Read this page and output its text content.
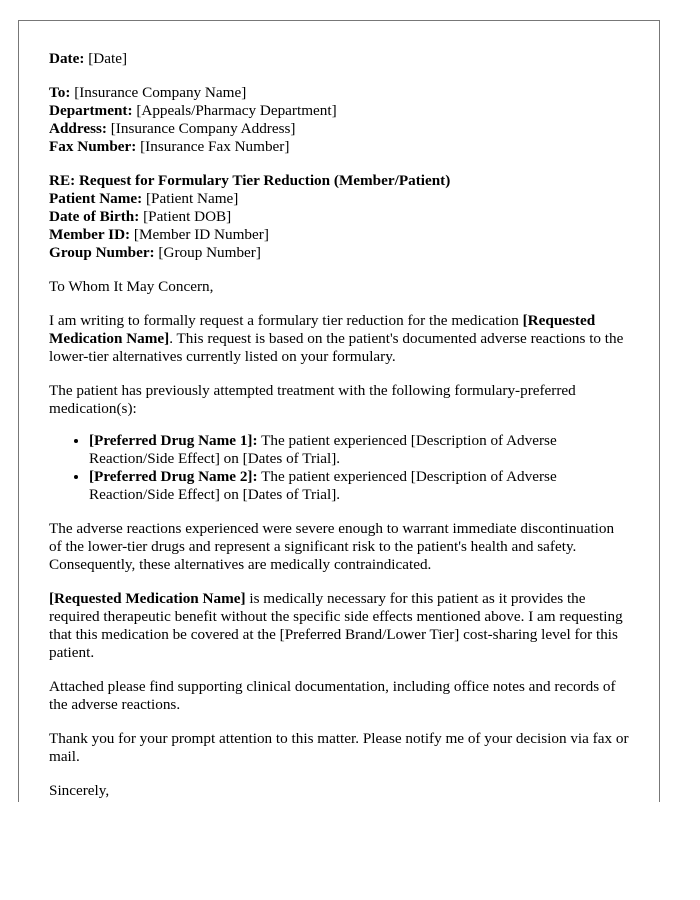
Date: [Date]
To: [Insurance Company Name]
Department: [Appeals/Pharmacy Department]
Address: [Insurance Company Address]
Fax Number: [Insurance Fax Number]
RE: Request for Formulary Tier Reduction (Member/Patient)
Patient Name: [Patient Name]
Date of Birth: [Patient DOB]
Member ID: [Member ID Number]
Group Number: [Group Number]

To Whom It May Concern,

I am writing to formally request a formulary tier reduction for the medication [Requested Medication Name]. This request is based on the patient's documented adverse reactions to the lower-tier alternatives currently listed on your formulary.

The patient has previously attempted treatment with the following formulary-preferred medication(s):

• [Preferred Drug Name 1]: The patient experienced [Description of Adverse Reaction/Side Effect] on [Dates of Trial].
• [Preferred Drug Name 2]: The patient experienced [Description of Adverse Reaction/Side Effect] on [Dates of Trial].

The adverse reactions experienced were severe enough to warrant immediate discontinuation of the lower-tier drugs and represent a significant risk to the patient's health and safety. Consequently, these alternatives are medically contraindicated.

[Requested Medication Name] is medically necessary for this patient as it provides the required therapeutic benefit without the specific side effects mentioned above. I am requesting that this medication be covered at the [Preferred Brand/Lower Tier] cost-sharing level for this patient.

Attached please find supporting clinical documentation, including office notes and records of the adverse reactions.

Thank you for your prompt attention to this matter. Please notify me of your decision via fax or mail.

Sincerely,
